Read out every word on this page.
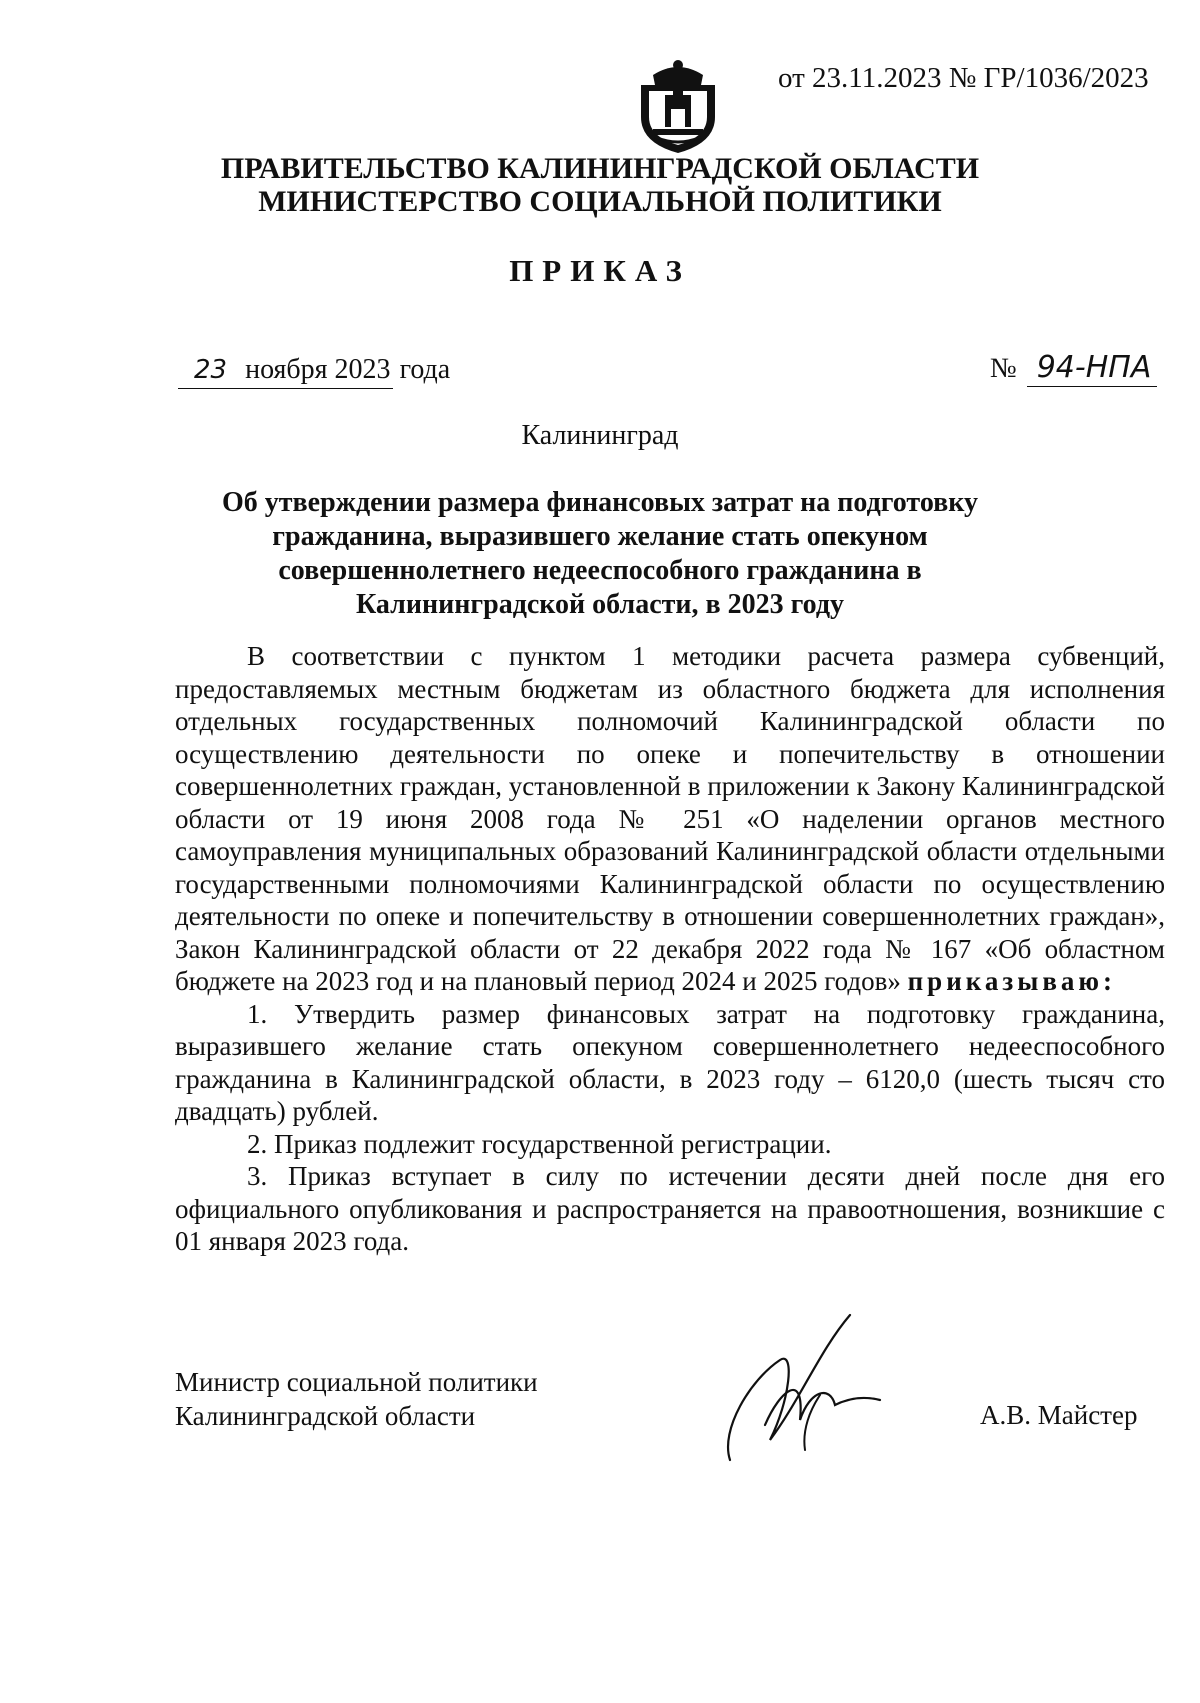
от 23.11.2023 № ГР/1036/2023
ПРАВИТЕЛЬСТВО КАЛИНИНГРАДСКОЙ ОБЛАСТИ
МИНИСТЕРСТВО СОЦИАЛЬНОЙ ПОЛИТИКИ
ПРИКАЗ
23 ноября 2023 года	№ 94-НПА
Калининград
Об утверждении размера финансовых затрат на подготовку гражданина, выразившего желание стать опекуном совершеннолетнего недееспособного гражданина в Калининградской области, в 2023 году

В соответствии с пунктом 1 методики расчета размера субвенций, предоставляемых местным бюджетам из областного бюджета для исполнения отдельных государственных полномочий Калининградской области по осуществлению деятельности по опеке и попечительству в отношении совершеннолетних граждан, установленной в приложении к Закону Калининградской области от 19 июня 2008 года № 251 «О наделении органов местного самоуправления муниципальных образований Калининградской области отдельными государственными полномочиями Калининградской области по осуществлению деятельности по опеке и попечительству в отношении совершеннолетних граждан», Закон Калининградской области от 22 декабря 2022 года № 167 «Об областном бюджете на 2023 год и на плановый период 2024 и 2025 годов» приказываю:

1. Утвердить размер финансовых затрат на подготовку гражданина, выразившего желание стать опекуном совершеннолетнего недееспособного гражданина в Калининградской области, в 2023 году – 6120,0 (шесть тысяч сто двадцать) рублей.

2. Приказ подлежит государственной регистрации.

3. Приказ вступает в силу по истечении десяти дней после дня его официального опубликования и распространяется на правоотношения, возникшие с 01 января 2023 года.

Министр социальной политики
Калининградской области	А.В. Майстер
